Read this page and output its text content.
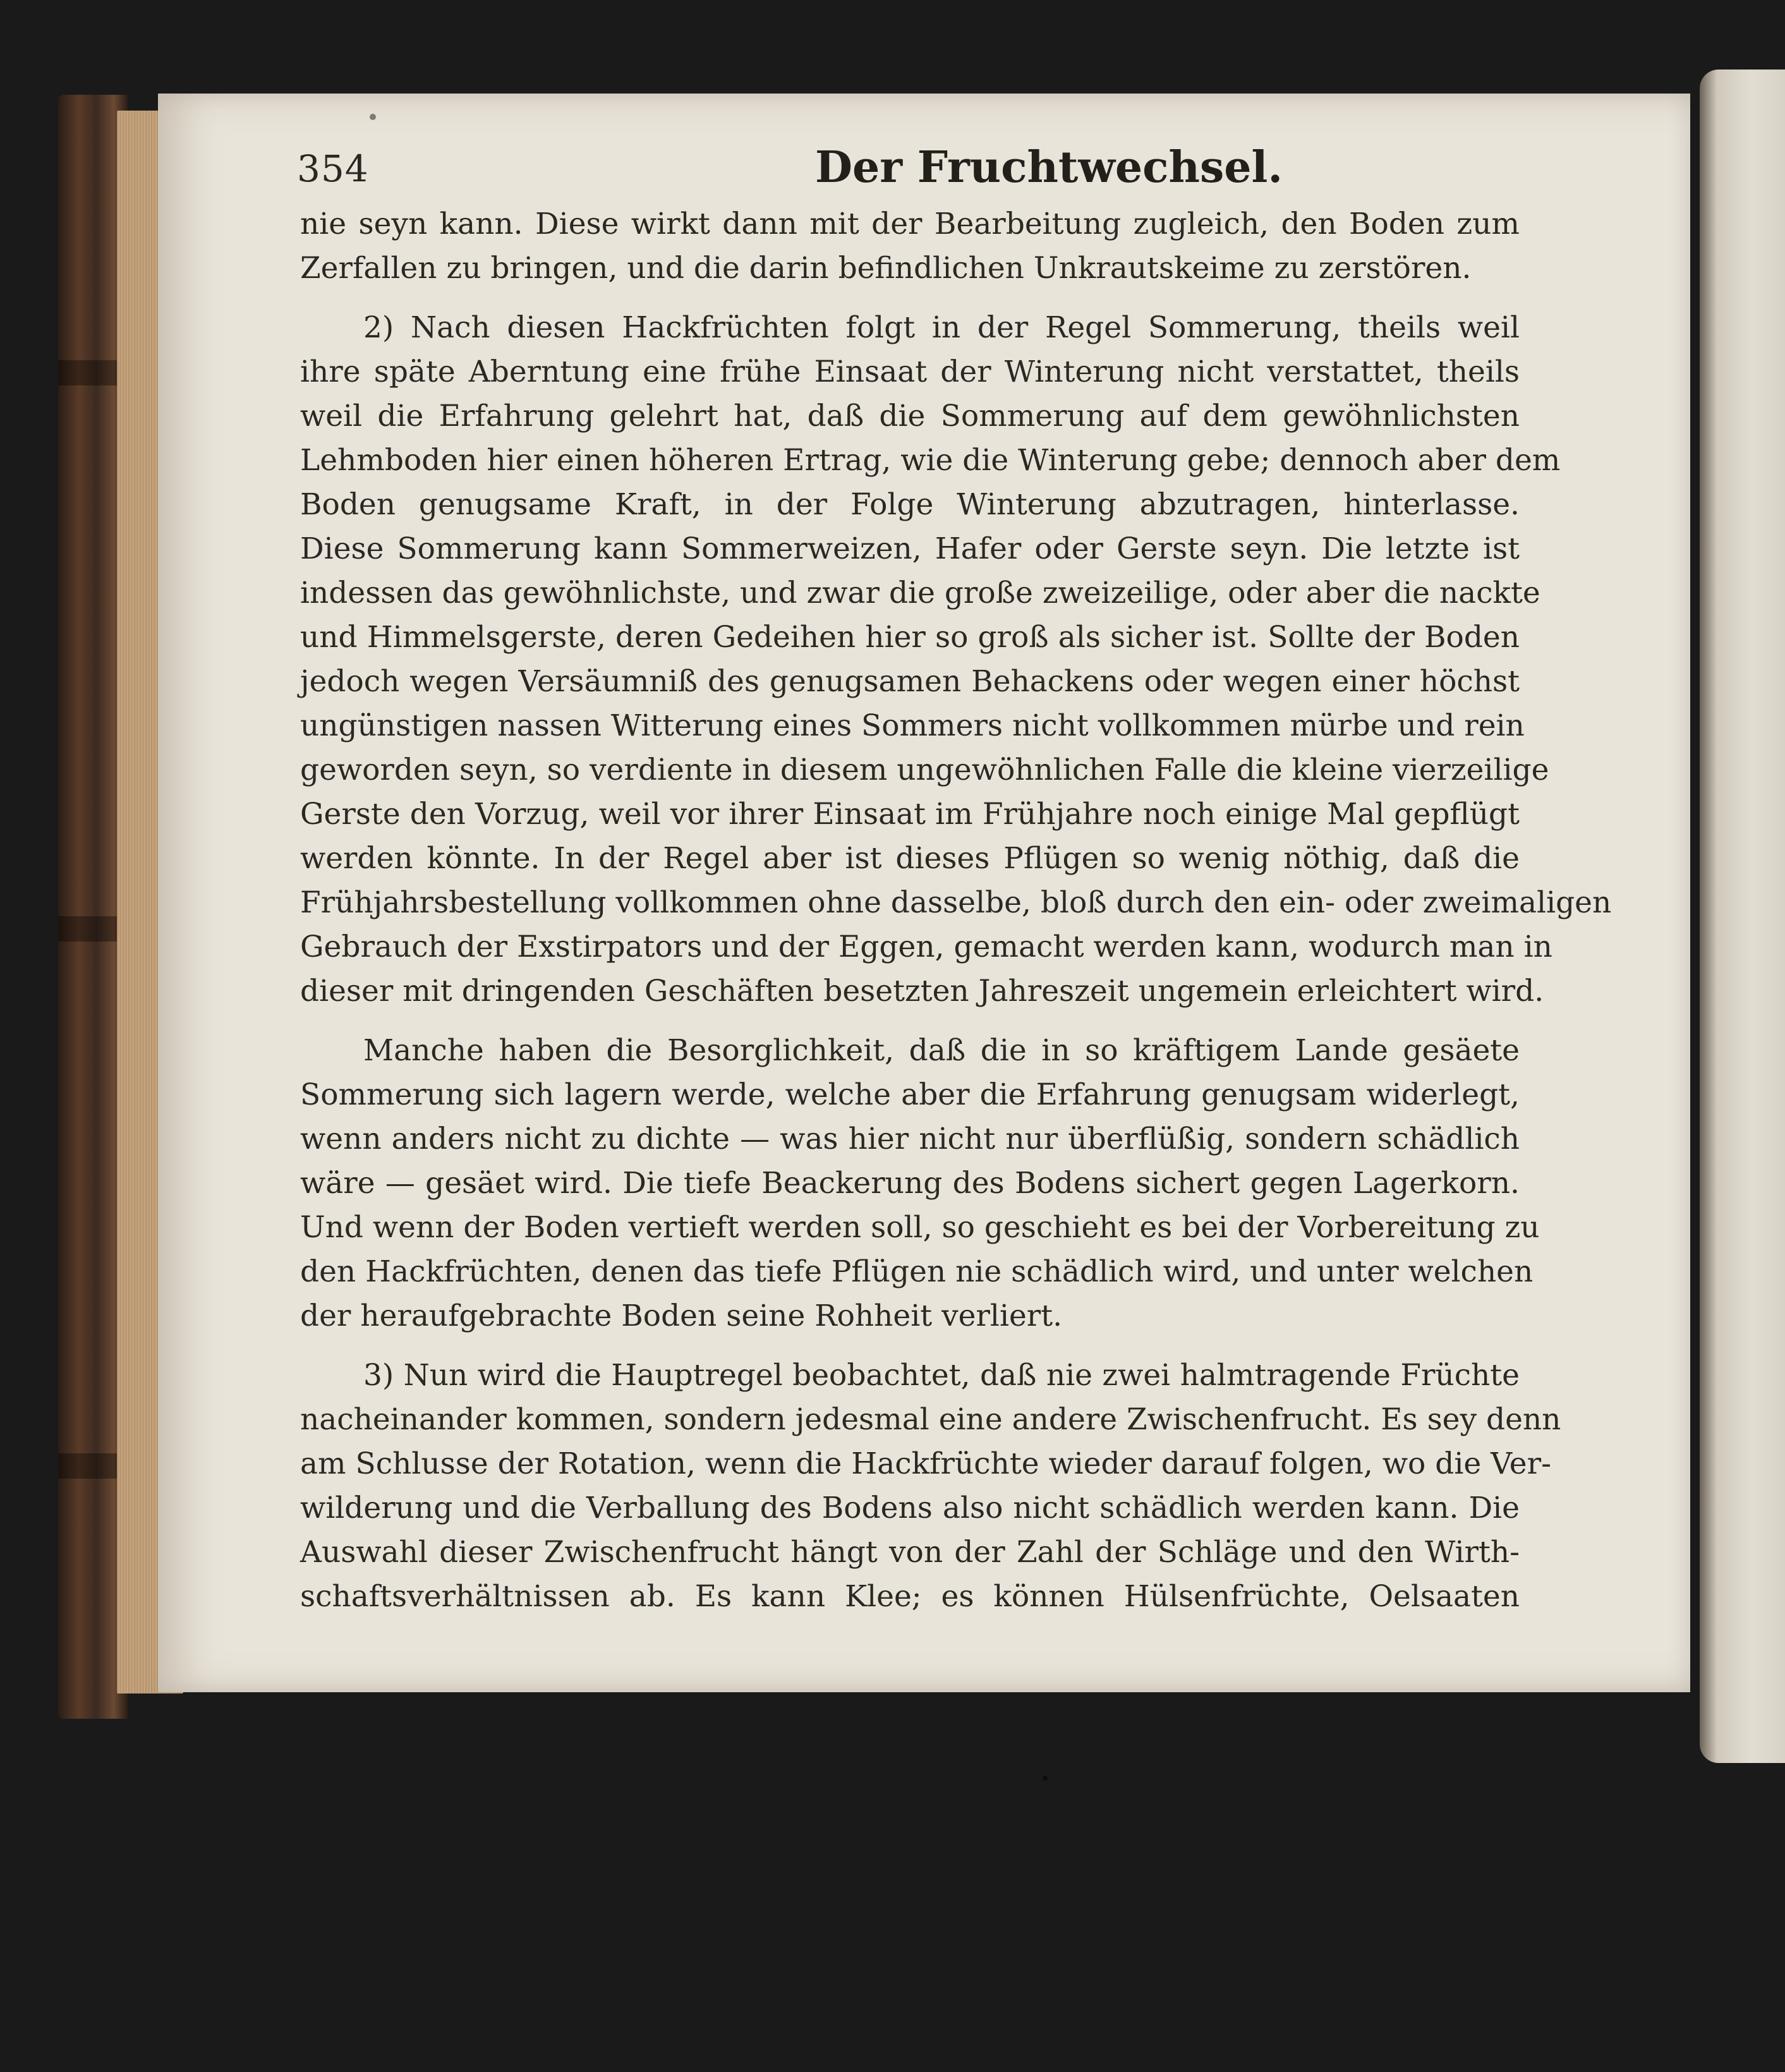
354	Der Fruchtwechsel.
nie seyn kann. Diese wirkt dann mit der Bearbeitung zugleich, den Boden zum
Zerfallen zu bringen, und die darin befindlichen Unkrautskeime zu zerstören.
2) Nach diesen Hackfrüchten folgt in der Regel Sommerung, theils weil
ihre späte Aberntung eine frühe Einsaat der Winterung nicht verstattet, theils
weil die Erfahrung gelehrt hat, daß die Sommerung auf dem gewöhnlichsten
Lehmboden hier einen höheren Ertrag, wie die Winterung gebe; dennoch aber dem
Boden genugsame Kraft, in der Folge Winterung abzutragen, hinterlasse.
Diese Sommerung kann Sommerweizen, Hafer oder Gerste seyn. Die letzte ist
indessen das gewöhnlichste, und zwar die große zweizeilige, oder aber die nackte
und Himmelsgerste, deren Gedeihen hier so groß als sicher ist. Sollte der Boden
jedoch wegen Versäumniß des genugsamen Behackens oder wegen einer höchst
ungünstigen nassen Witterung eines Sommers nicht vollkommen mürbe und rein
geworden seyn, so verdiente in diesem ungewöhnlichen Falle die kleine vierzeilige
Gerste den Vorzug, weil vor ihrer Einsaat im Frühjahre noch einige Mal gepflügt
werden könnte. In der Regel aber ist dieses Pflügen so wenig nöthig, daß die
Frühjahrsbestellung vollkommen ohne dasselbe, bloß durch den ein- oder zweimaligen
Gebrauch der Exstirpators und der Eggen, gemacht werden kann, wodurch man in
dieser mit dringenden Geschäften besetzten Jahreszeit ungemein erleichtert wird.
Manche haben die Besorglichkeit, daß die in so kräftigem Lande gesäete
Sommerung sich lagern werde, welche aber die Erfahrung genugsam widerlegt,
wenn anders nicht zu dichte — was hier nicht nur überflüßig, sondern schädlich
wäre — gesäet wird. Die tiefe Beackerung des Bodens sichert gegen Lagerkorn.
Und wenn der Boden vertieft werden soll, so geschieht es bei der Vorbereitung zu
den Hackfrüchten, denen das tiefe Pflügen nie schädlich wird, und unter welchen
der heraufgebrachte Boden seine Rohheit verliert.
3) Nun wird die Hauptregel beobachtet, daß nie zwei halmtragende Früchte
nacheinander kommen, sondern jedesmal eine andere Zwischenfrucht. Es sey denn
am Schlusse der Rotation, wenn die Hackfrüchte wieder darauf folgen, wo die Ver-
wilderung und die Verballung des Bodens also nicht schädlich werden kann. Die
Auswahl dieser Zwischenfrucht hängt von der Zahl der Schläge und den Wirth-
schaftsverhältnissen ab. Es kann Klee; es können Hülsenfrüchte, Oelsaaten
